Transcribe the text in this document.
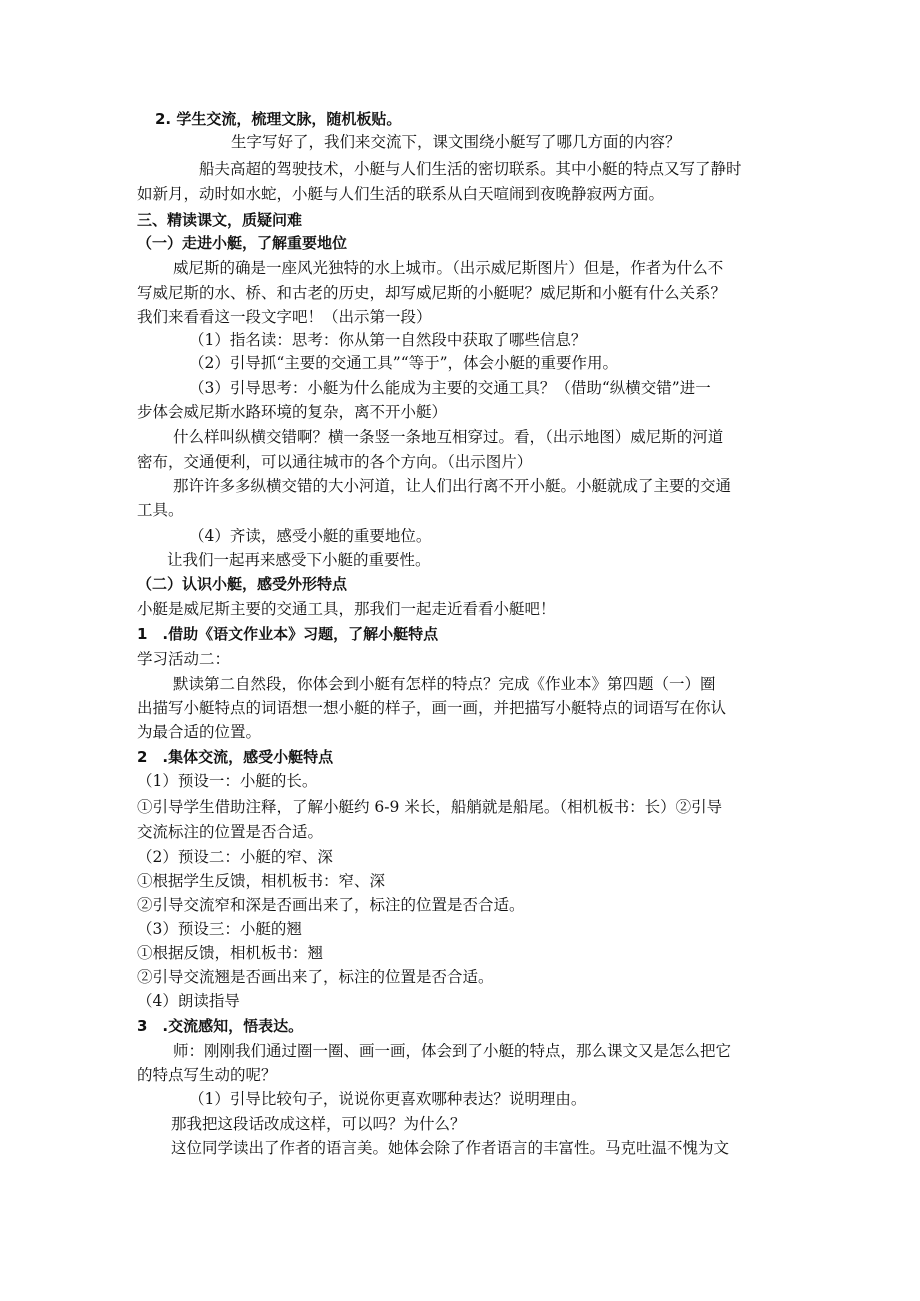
2. 学生交流，梳理文脉，随机板贴。
生字写好了，我们来交流下，课文围绕小艇写了哪几方面的内容？
船夫高超的驾驶技术，小艇与人们生活的密切联系。其中小艇的特点又写了静时
如新月，动时如水蛇，小艇与人们生活的联系从白天喧闹到夜晚静寂两方面。
三、精读课文，质疑问难
（一）走进小艇，了解重要地位
威尼斯的确是一座风光独特的水上城市。（出示威尼斯图片）但是，作者为什么不
写威尼斯的水、桥、和古老的历史，却写威尼斯的小艇呢？威尼斯和小艇有什么关系？
我们来看看这一段文字吧！（出示第一段）
（1）指名读：思考：你从第一自然段中获取了哪些信息？
（2）引导抓“主要的交通工具”“等于”，体会小艇的重要作用。
（3）引导思考：小艇为什么能成为主要的交通工具？（借助“纵横交错”进一
步体会威尼斯水路环境的复杂，离不开小艇）
什么样叫纵横交错啊？横一条竖一条地互相穿过。看，（出示地图）威尼斯的河道
密布，交通便利，可以通往城市的各个方向。（出示图片）
那许许多多纵横交错的大小河道，让人们出行离不开小艇。小艇就成了主要的交通
工具。
（4）齐读，感受小艇的重要地位。
让我们一起再来感受下小艇的重要性。
（二）认识小艇，感受外形特点
小艇是威尼斯主要的交通工具，那我们一起走近看看小艇吧！
1　.借助《语文作业本》习题，了解小艇特点
学习活动二：
默读第二自然段，你体会到小艇有怎样的特点？完成《作业本》第四题（一）圈
出描写小艇特点的词语想一想小艇的样子，画一画，并把描写小艇特点的词语写在你认
为最合适的位置。
2　.集体交流，感受小艇特点
（1）预设一：小艇的长。
①引导学生借助注释，了解小艇约 6-9 米长，船艄就是船尾。（相机板书：长）②引导
交流标注的位置是否合适。
（2）预设二：小艇的窄、深
①根据学生反馈，相机板书：窄、深
②引导交流窄和深是否画出来了，标注的位置是否合适。
（3）预设三：小艇的翘
①根据反馈，相机板书：翘
②引导交流翘是否画出来了，标注的位置是否合适。
（4）朗读指导
3　.交流感知，悟表达。
师：刚刚我们通过圈一圈、画一画，体会到了小艇的特点，那么课文又是怎么把它
的特点写生动的呢？
（1）引导比较句子，说说你更喜欢哪种表达？说明理由。
那我把这段话改成这样，可以吗？为什么？
这位同学读出了作者的语言美。她体会除了作者语言的丰富性。马克吐温不愧为文
